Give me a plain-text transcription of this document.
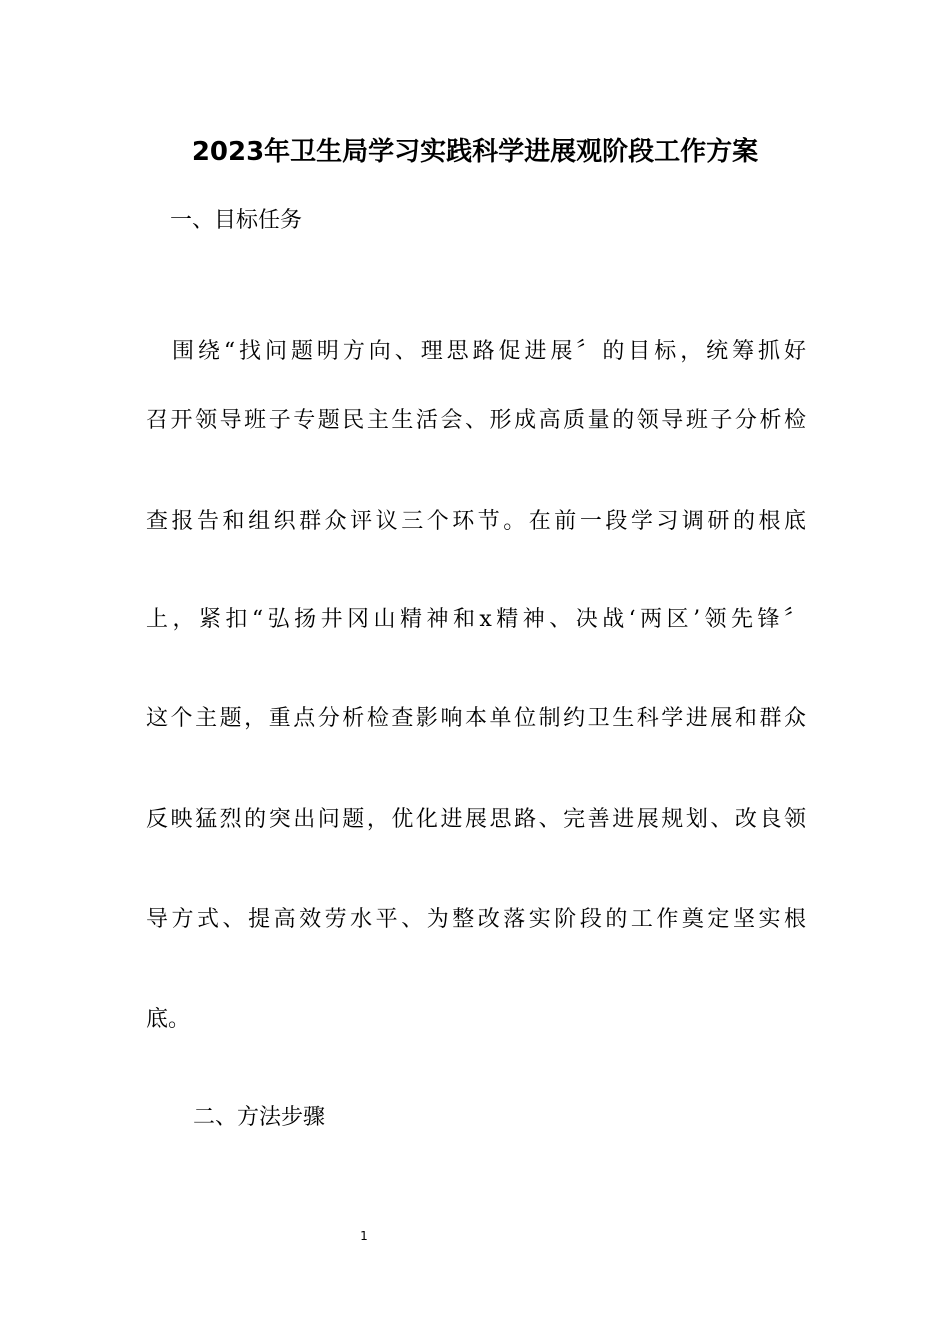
2023年卫生局学习实践科学进展观阶段工作方案
一、目标任务
　围绕“找问题明方向、理思路促进展〞的目标，统筹抓好
召开领导班子专题民主生活会、形成高质量的领导班子分析检
查报告和组织群众评议三个环节。在前一段学习调研的根底
上，紧扣“弘扬井冈山精神和x精神、决战‘两区’领先锋〞
这个主题，重点分析检查影响本单位制约卫生科学进展和群众
反映猛烈的突出问题，优化进展思路、完善进展规划、改良领
导方式、提高效劳水平、为整改落实阶段的工作奠定坚实根
底。
二、方法步骤
1
